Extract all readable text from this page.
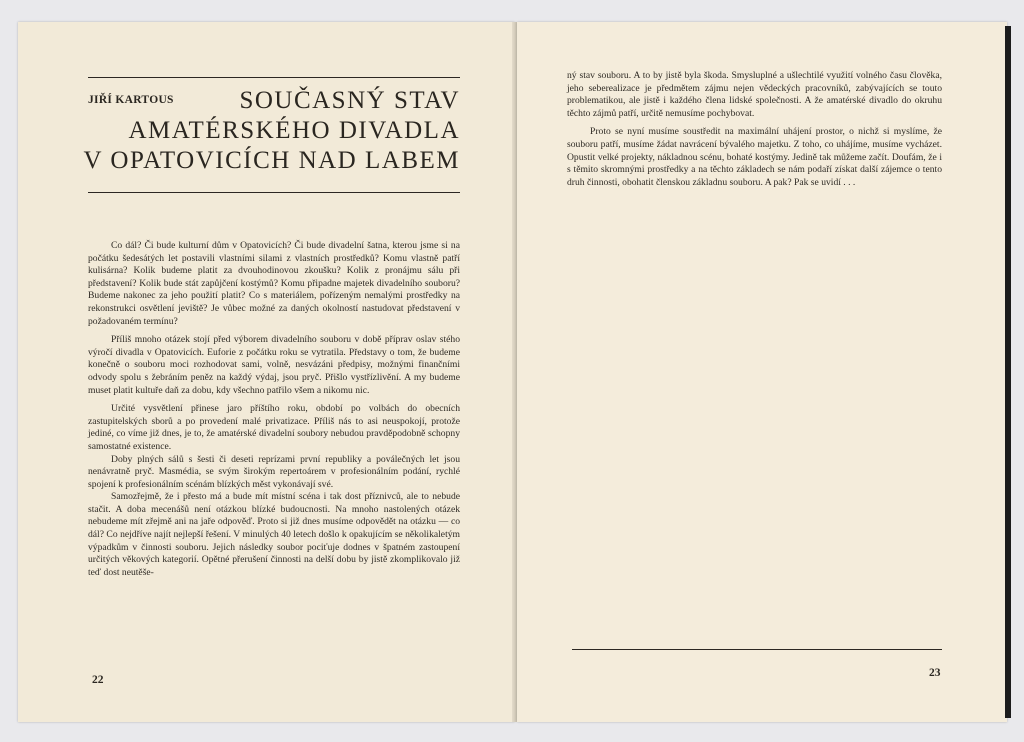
JIŘÍ KARTOUS	SOUČASNÝ STAV
AMATÉRSKÉHO DIVADLA
V OPATOVICÍCH NAD LABEM

Co dál? Či bude kulturní dům v Opatovicích? Či bude divadelní šatna, kterou jsme si na počátku šedesátých let postavili vlastními silami z vlastních prostředků? Komu vlastně patří kulisárna? Kolik budeme platit za dvouhodinovou zkoušku? Kolik z pronájmu sálu při představení? Kolik bude stát zapůjčení kostýmů? Komu připadne majetek divadelního souboru? Budeme nakonec za jeho použití platit? Co s materiálem, pořízeným nemalými prostředky na rekonstrukci osvětlení jeviště? Je vůbec možné za daných okolností nastudovat představení v požadovaném termínu?

Příliš mnoho otázek stojí před výborem divadelního souboru v době příprav oslav stého výročí divadla v Opatovicích. Euforie z počátku roku se vytratila. Představy o tom, že budeme konečně o souboru moci rozhodovat sami, volně, nesvázáni předpisy, možnými finančními odvody spolu s žebráním peněz na každý výdaj, jsou pryč. Přišlo vystřízlivění. A my budeme muset platit kultuře daň za dobu, kdy všechno patřilo všem a nikomu nic.

Určité vysvětlení přinese jaro příštího roku, období po volbách do obecních zastupitelských sborů a po provedení malé privatizace. Příliš nás to asi neuspokojí, protože jediné, co víme již dnes, je to, že amatérské divadelní soubory nebudou pravděpodobně schopny samostatné existence.

Doby plných sálů s šesti či deseti reprízami první republiky a poválečných let jsou nenávratně pryč. Masmédia, se svým širokým repertoárem v profesionálním podání, rychlé spojení k profesionálním scénám blízkých měst vykonávají své.

Samozřejmě, že i přesto má a bude mít místní scéna i tak dost příznivců, ale to nebude stačit. A doba mecenášů není otázkou blízké budoucnosti. Na mnoho nastolených otázek nebudeme mít zřejmě ani na jaře odpověď. Proto si již dnes musíme odpovědět na otázku — co dál? Co nejdříve najít nejlepší řešení. V minulých 40 letech došlo k opakujícím se několikaletým výpadkům v činnosti souboru. Jejich následky soubor pociťuje dodnes v špatném zastoupení určitých věkových kategorií. Opětné přerušení činnosti na delší dobu by jistě zkomplikovalo již teď dost neutěše-

22

ný stav souboru. A to by jistě byla škoda. Smysluplné a ušlechtilé využití volného času člověka, jeho seberealizace je předmětem zájmu nejen vědeckých pracovníků, zabývajících se touto problematikou, ale jistě i každého člena lidské společnosti. A že amatérské divadlo do okruhu těchto zájmů patří, určitě nemusíme pochybovat.

Proto se nyní musíme soustředit na maximální uhájení prostor, o nichž si myslíme, že souboru patří, musíme žádat navrácení bývalého majetku. Z toho, co uhájíme, musíme vycházet. Opustit velké projekty, nákladnou scénu, bohaté kostýmy. Jedině tak můžeme začít. Doufám, že i s těmito skromnými prostředky a na těchto základech se nám podaří získat další zájemce o tento druh činnosti, obohatit členskou základnu souboru. A pak? Pak se uvidí . . .

23
